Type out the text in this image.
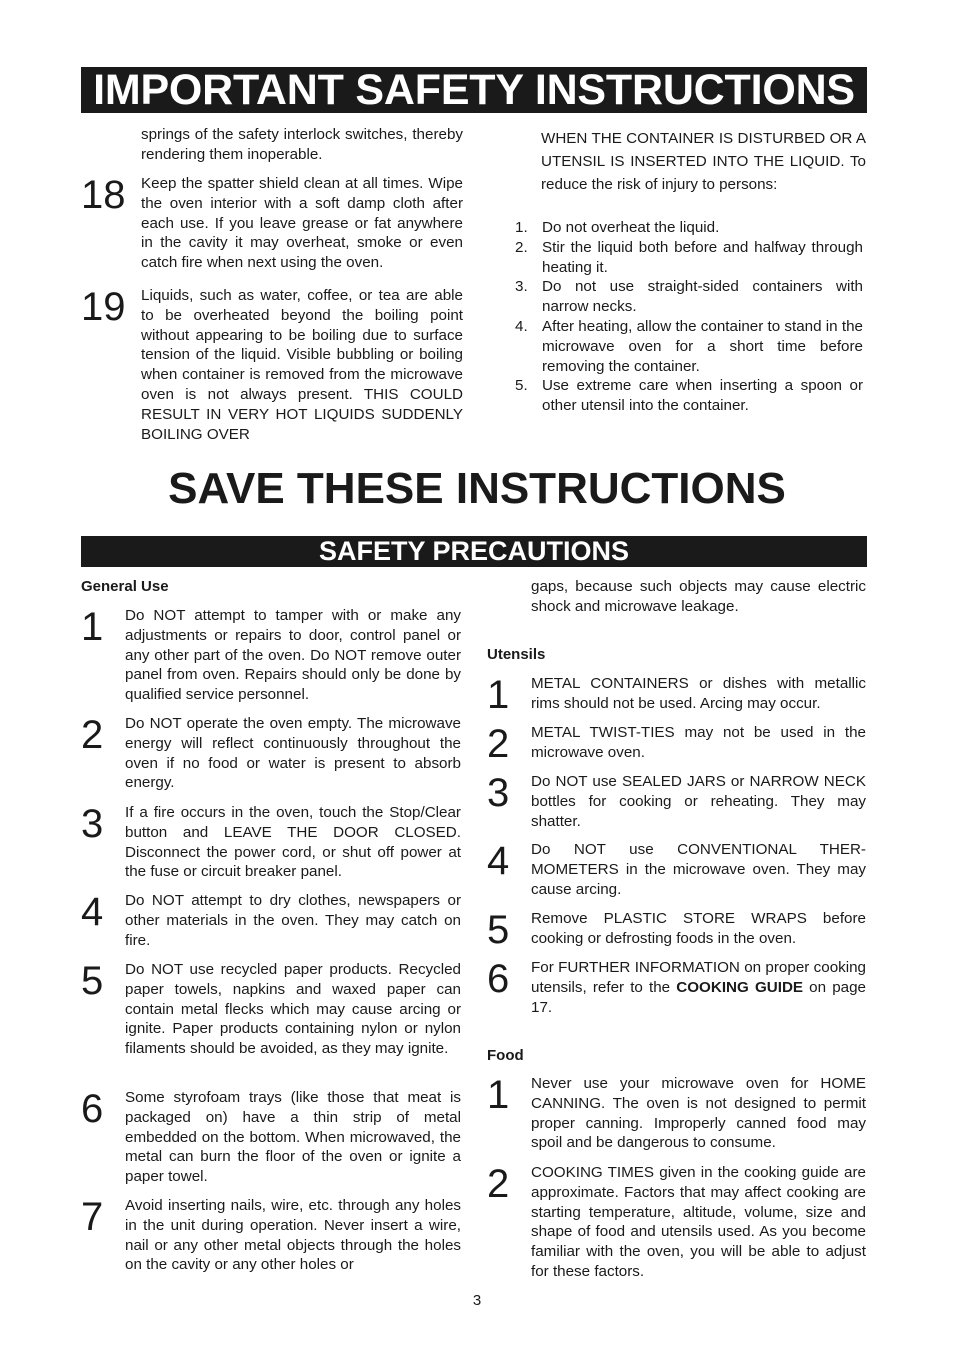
IMPORTANT SAFETY INSTRUCTIONS
springs of the safety interlock switches, thereby rendering them inoperable.
18 Keep the spatter shield clean at all times. Wipe the oven interior with a soft damp cloth after each use. If you leave grease or fat anywhere in the cavity it may overheat, smoke or even catch fire when next using the oven.
19 Liquids, such as water, coffee, or tea are able to be overheated beyond the boiling point without appearing to be boiling due to surface tension of the liquid. Visible bubbling or boiling when container is removed from the microwave oven is not always present. THIS COULD RESULT IN VERY HOT LIQUIDS SUDDENLY BOILING OVER
WHEN THE CONTAINER IS DISTURBED OR A UTENSIL IS INSERTED INTO THE LIQUID. To reduce the risk of injury to persons:
1. Do not overheat the liquid.
2. Stir the liquid both before and halfway through heating it.
3. Do not use straight-sided containers with narrow necks.
4. After heating, allow the container to stand in the microwave oven for a short time before removing the container.
5. Use extreme care when inserting a spoon or other utensil into the container.
SAVE THESE INSTRUCTIONS
SAFETY PRECAUTIONS
General Use
1 Do NOT attempt to tamper with or make any adjustments or repairs to door, control panel or any other part of the oven. Do NOT remove outer panel from oven. Repairs should only be done by qualified service personnel.
2 Do NOT operate the oven empty. The microwave energy will reflect continuously throughout the oven if no food or water is present to absorb energy.
3 If a fire occurs in the oven, touch the Stop/Clear button and LEAVE THE DOOR CLOSED. Disconnect the power cord, or shut off power at the fuse or circuit breaker panel.
4 Do NOT attempt to dry clothes, newspapers or other materials in the oven. They may catch on fire.
5 Do NOT use recycled paper products. Recycled paper towels, napkins and waxed paper can contain metal flecks which may cause arcing or ignite. Paper products containing nylon or nylon filaments should be avoided, as they may ignite.
6 Some styrofoam trays (like those that meat is packaged on) have a thin strip of metal embedded on the bottom. When microwaved, the metal can burn the floor of the oven or ignite a paper towel.
7 Avoid inserting nails, wire, etc. through any holes in the unit during operation. Never insert a wire, nail or any other metal objects through the holes on the cavity or any other holes or
gaps, because such objects may cause electric shock and microwave leakage.
Utensils
1 METAL CONTAINERS or dishes with metallic rims should not be used. Arcing may occur.
2 METAL TWIST-TIES may not be used in the microwave oven.
3 Do NOT use SEALED JARS or NARROW NECK bottles for cooking or reheating. They may shatter.
4 Do NOT use CONVENTIONAL THER-MOMETERS in the microwave oven. They may cause arcing.
5 Remove PLASTIC STORE WRAPS before cooking or defrosting foods in the oven.
6 For FURTHER INFORMATION on proper cooking utensils, refer to the COOKING GUIDE on page 17.
Food
1 Never use your microwave oven for HOME CANNING. The oven is not designed to permit proper canning. Improperly canned food may spoil and be dangerous to consume.
2 COOKING TIMES given in the cooking guide are approximate. Factors that may affect cooking are starting temperature, altitude, volume, size and shape of food and utensils used. As you become familiar with the oven, you will be able to adjust for these factors.
3
